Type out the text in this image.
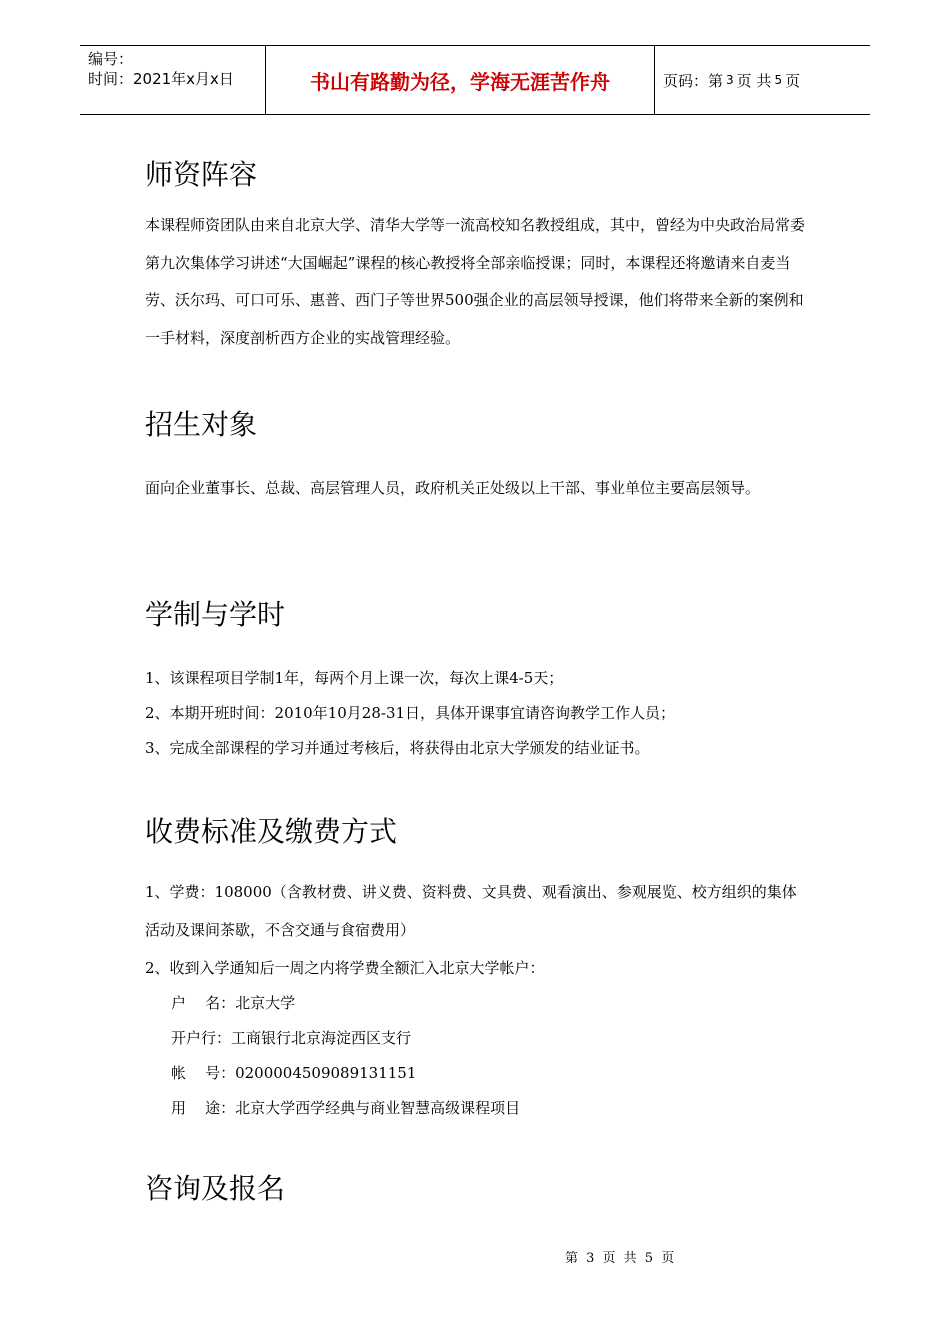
编号：
时间：2021年x月x日	书山有路勤为径，学海无涯苦作舟	页码：第 3 页 共 5 页
师资阵容

本课程师资团队由来自北京大学、清华大学等一流高校知名教授组成，其中，曾经为中央政治局常委第九次集体学习讲述“大国崛起”课程的核心教授将全部亲临授课；同时，本课程还将邀请来自麦当劳、沃尔玛、可口可乐、惠普、西门子等世界500强企业的高层领导授课，他们将带来全新的案例和一手材料，深度剖析西方企业的实战管理经验。

招生对象

面向企业董事长、总裁、高层管理人员，政府机关正处级以上干部、事业单位主要高层领导。

学制与学时

1、该课程项目学制1年，每两个月上课一次，每次上课4-5天；

2、本期开班时间：2010年10月28-31日，具体开课事宜请咨询教学工作人员；

3、完成全部课程的学习并通过考核后，将获得由北京大学颁发的结业证书。

收费标准及缴费方式

1、学费：108000（含教材费、讲义费、资料费、文具费、观看演出、参观展览、校方组织的集体活动及课间茶歇，不含交通与食宿费用）

2、收到入学通知后一周之内将学费全额汇入北京大学帐户：

户    名：北京大学

开户行：工商银行北京海淀西区支行

帐    号：0200004509089131151

用    途：北京大学西学经典与商业智慧高级课程项目

咨询及报名
第 3 页 共 5 页
